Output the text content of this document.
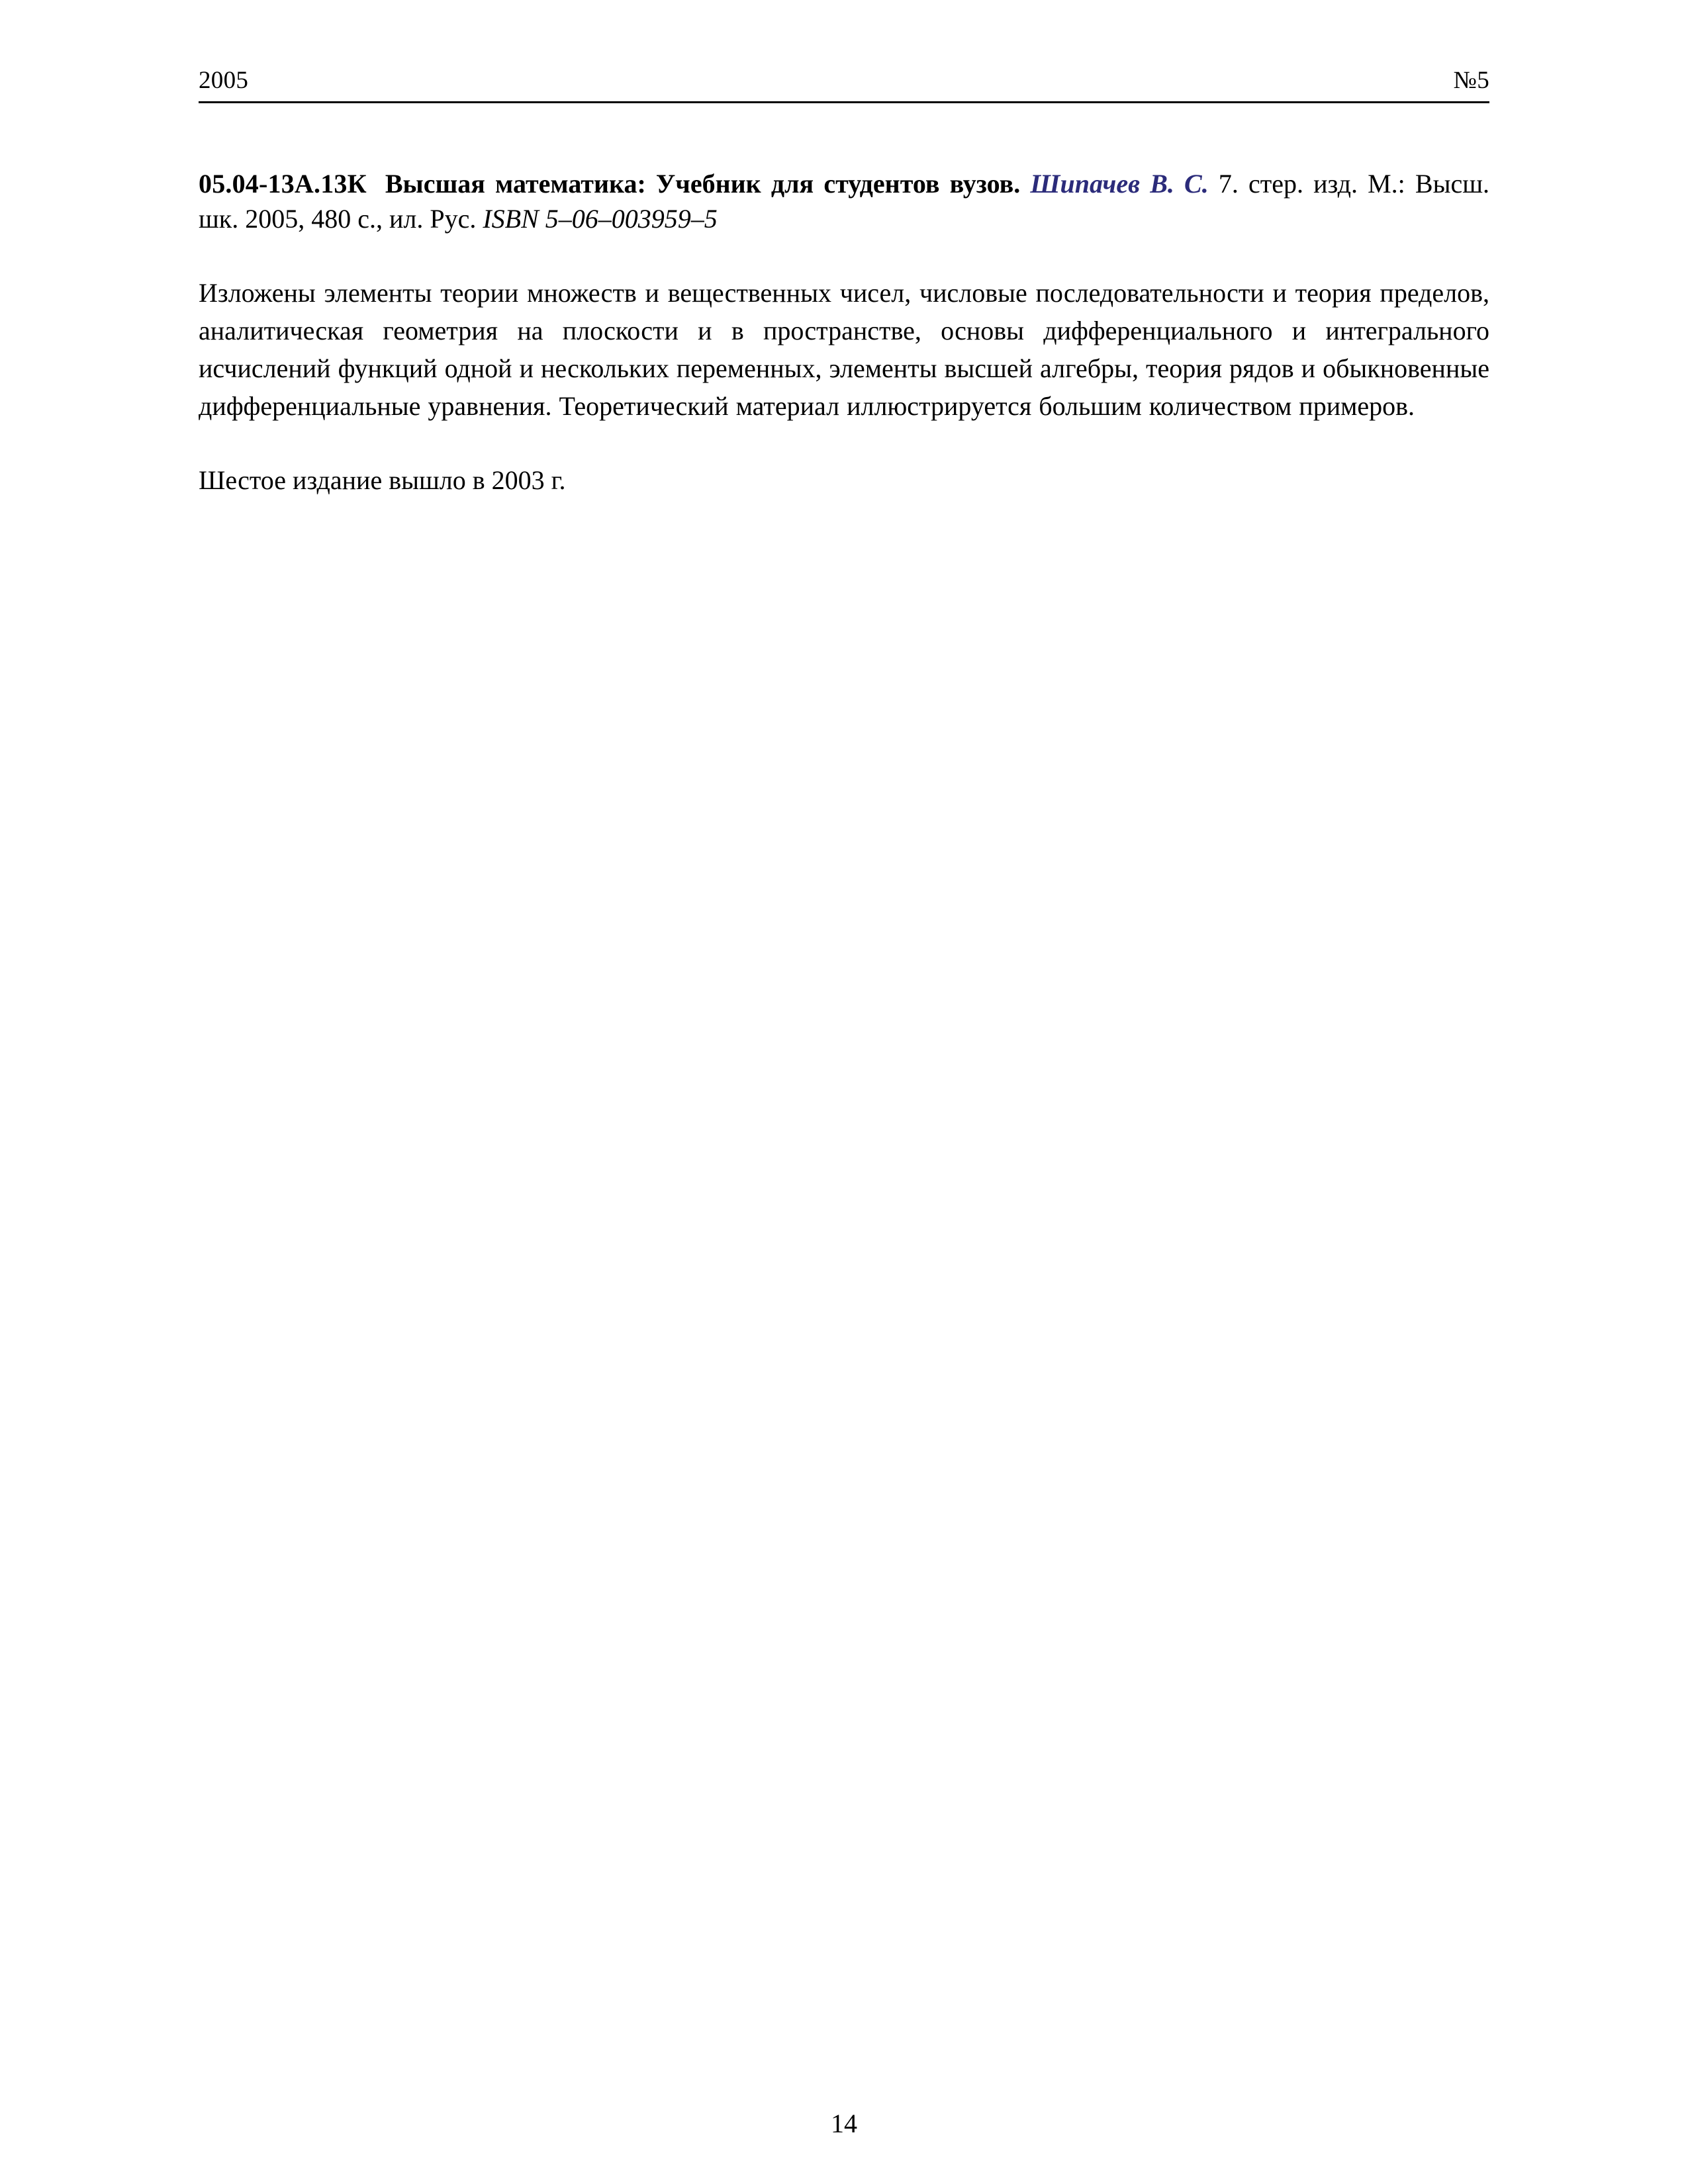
2005	№5
05.04-13А.13К Высшая математика: Учебник для студентов вузов. Шипачев В. С. 7. стер. изд. М.: Высш. шк. 2005, 480 с., ил. Рус. ISBN 5–06–003959–5
Изложены элементы теории множеств и вещественных чисел, числовые последовательности и теория пределов, аналитическая геометрия на плоскости и в пространстве, основы дифференциального и интегрального исчислений функций одной и нескольких переменных, элементы высшей алгебры, теория рядов и обыкновенные дифференциальные уравнения. Теоретический материал иллюстрируется большим количеством примеров.
Шестое издание вышло в 2003 г.
14
